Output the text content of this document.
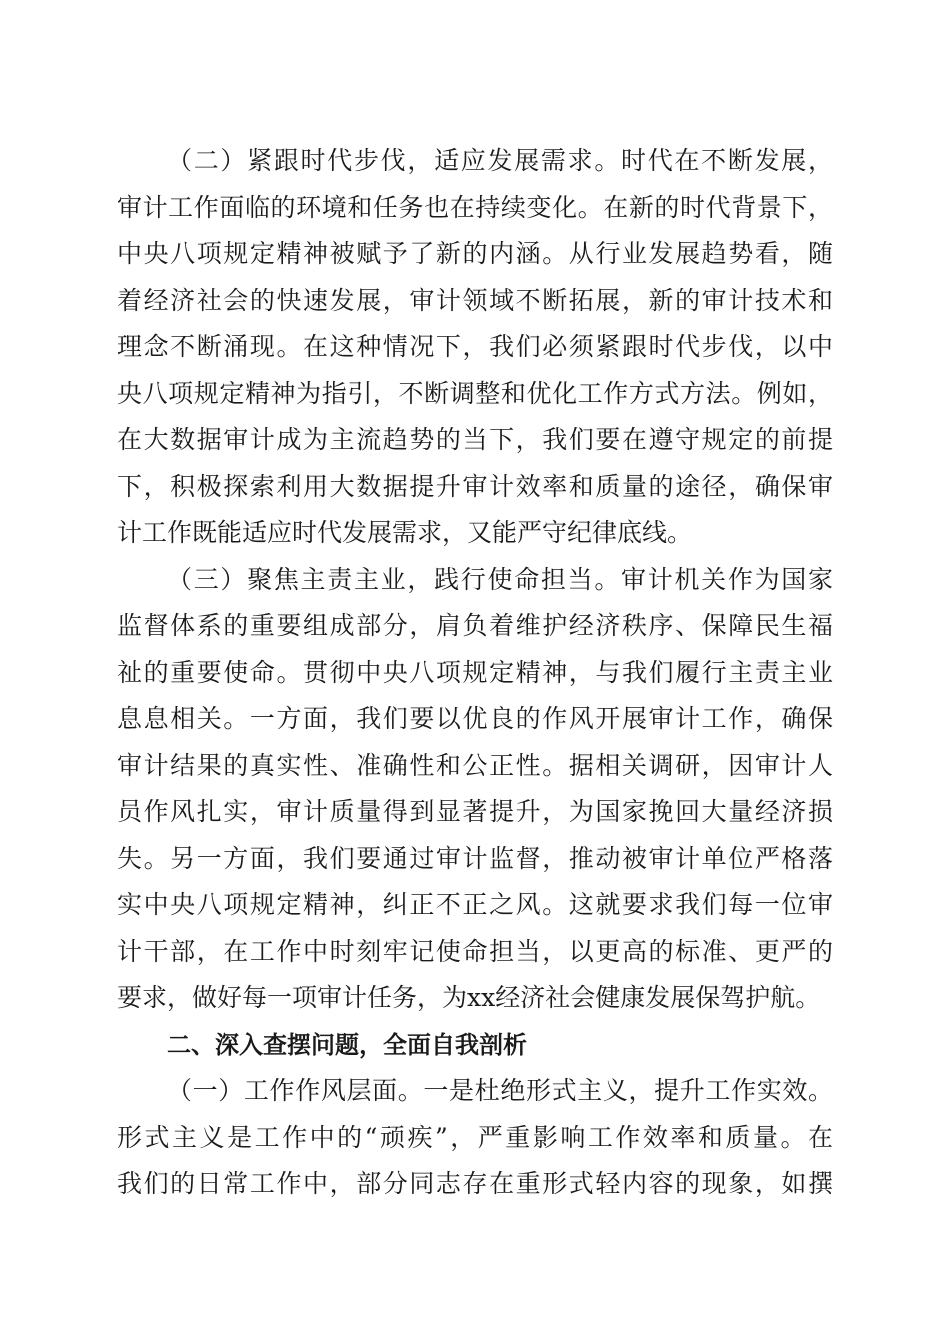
（二）紧跟时代步伐，适应发展需求。时代在不断发展，
审计工作面临的环境和任务也在持续变化。在新的时代背景下，
中央八项规定精神被赋予了新的内涵。从行业发展趋势看，随
着经济社会的快速发展，审计领域不断拓展，新的审计技术和
理念不断涌现。在这种情况下，我们必须紧跟时代步伐，以中
央八项规定精神为指引，不断调整和优化工作方式方法。例如，
在大数据审计成为主流趋势的当下，我们要在遵守规定的前提
下，积极探索利用大数据提升审计效率和质量的途径，确保审
计工作既能适应时代发展需求，又能严守纪律底线。
（三）聚焦主责主业，践行使命担当。审计机关作为国家
监督体系的重要组成部分，肩负着维护经济秩序、保障民生福
祉的重要使命。贯彻中央八项规定精神，与我们履行主责主业
息息相关。一方面，我们要以优良的作风开展审计工作，确保
审计结果的真实性、准确性和公正性。据相关调研，因审计人
员作风扎实，审计质量得到显著提升，为国家挽回大量经济损
失。另一方面，我们要通过审计监督，推动被审计单位严格落
实中央八项规定精神，纠正不正之风。这就要求我们每一位审
计干部，在工作中时刻牢记使命担当，以更高的标准、更严的
要求，做好每一项审计任务，为xx经济社会健康发展保驾护航。
二、深入查摆问题，全面自我剖析
（一）工作作风层面。一是杜绝形式主义，提升工作实效。
形式主义是工作中的“顽疾”，严重影响工作效率和质量。在
我们的日常工作中，部分同志存在重形式轻内容的现象，如撰
